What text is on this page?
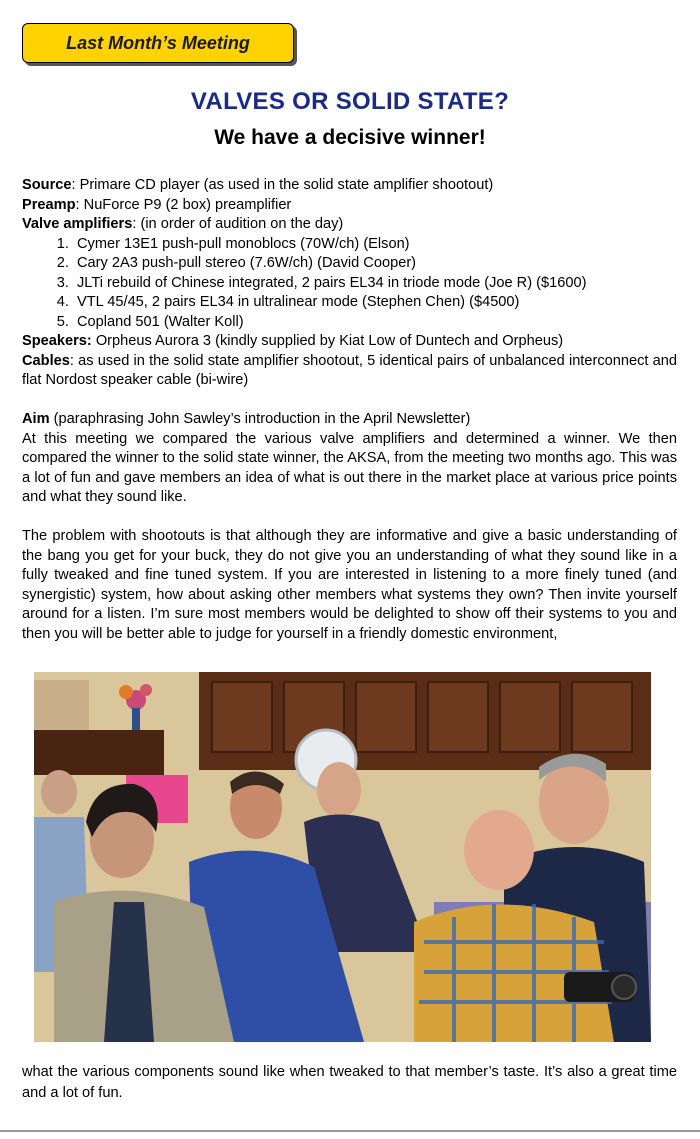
Last Month’s Meeting
VALVES OR SOLID STATE?
We have a decisive winner!

Source: Primare CD player (as used in the solid state amplifier shootout)

Preamp: NuForce P9 (2 box) preamplifier

Valve amplifiers: (in order of audition on the day)

1. Cymer 13E1 push-pull monoblocs (70W/ch) (Elson)
2. Cary 2A3 push-pull stereo (7.6W/ch) (David Cooper)
3. JLTi rebuild of Chinese integrated, 2 pairs EL34 in triode mode (Joe R) ($1600)
4. VTL 45/45, 2 pairs EL34 in ultralinear mode (Stephen Chen) ($4500)
5. Copland 501 (Walter Koll)

Speakers: Orpheus Aurora 3 (kindly supplied by Kiat Low of Duntech and Orpheus)

Cables: as used in the solid state amplifier shootout, 5 identical pairs of unbalanced interconnect and flat Nordost speaker cable (bi-wire)

Aim (paraphrasing John Sawley’s introduction in the April Newsletter)

At this meeting we compared the various valve amplifiers and determined a winner. We then compared the winner to the solid state winner, the AKSA, from the meeting two months ago. This was a lot of fun and gave members an idea of what is out there in the market place at various price points and what they sound like.

The problem with shootouts is that although they are informative and give a basic understanding of the bang you get for your buck, they do not give you an understanding of what they sound like in a fully tweaked and fine tuned system. If you are interested in listening to a more finely tuned (and synergistic) system, how about asking other members what systems they own? Then invite yourself around for a listen. I’m sure most members would be delighted to show off their systems to you and then you will be better able to judge for yourself in a friendly domestic environment,

what the various components sound like when tweaked to that member’s taste. It’s also a great time and a lot of fun.
